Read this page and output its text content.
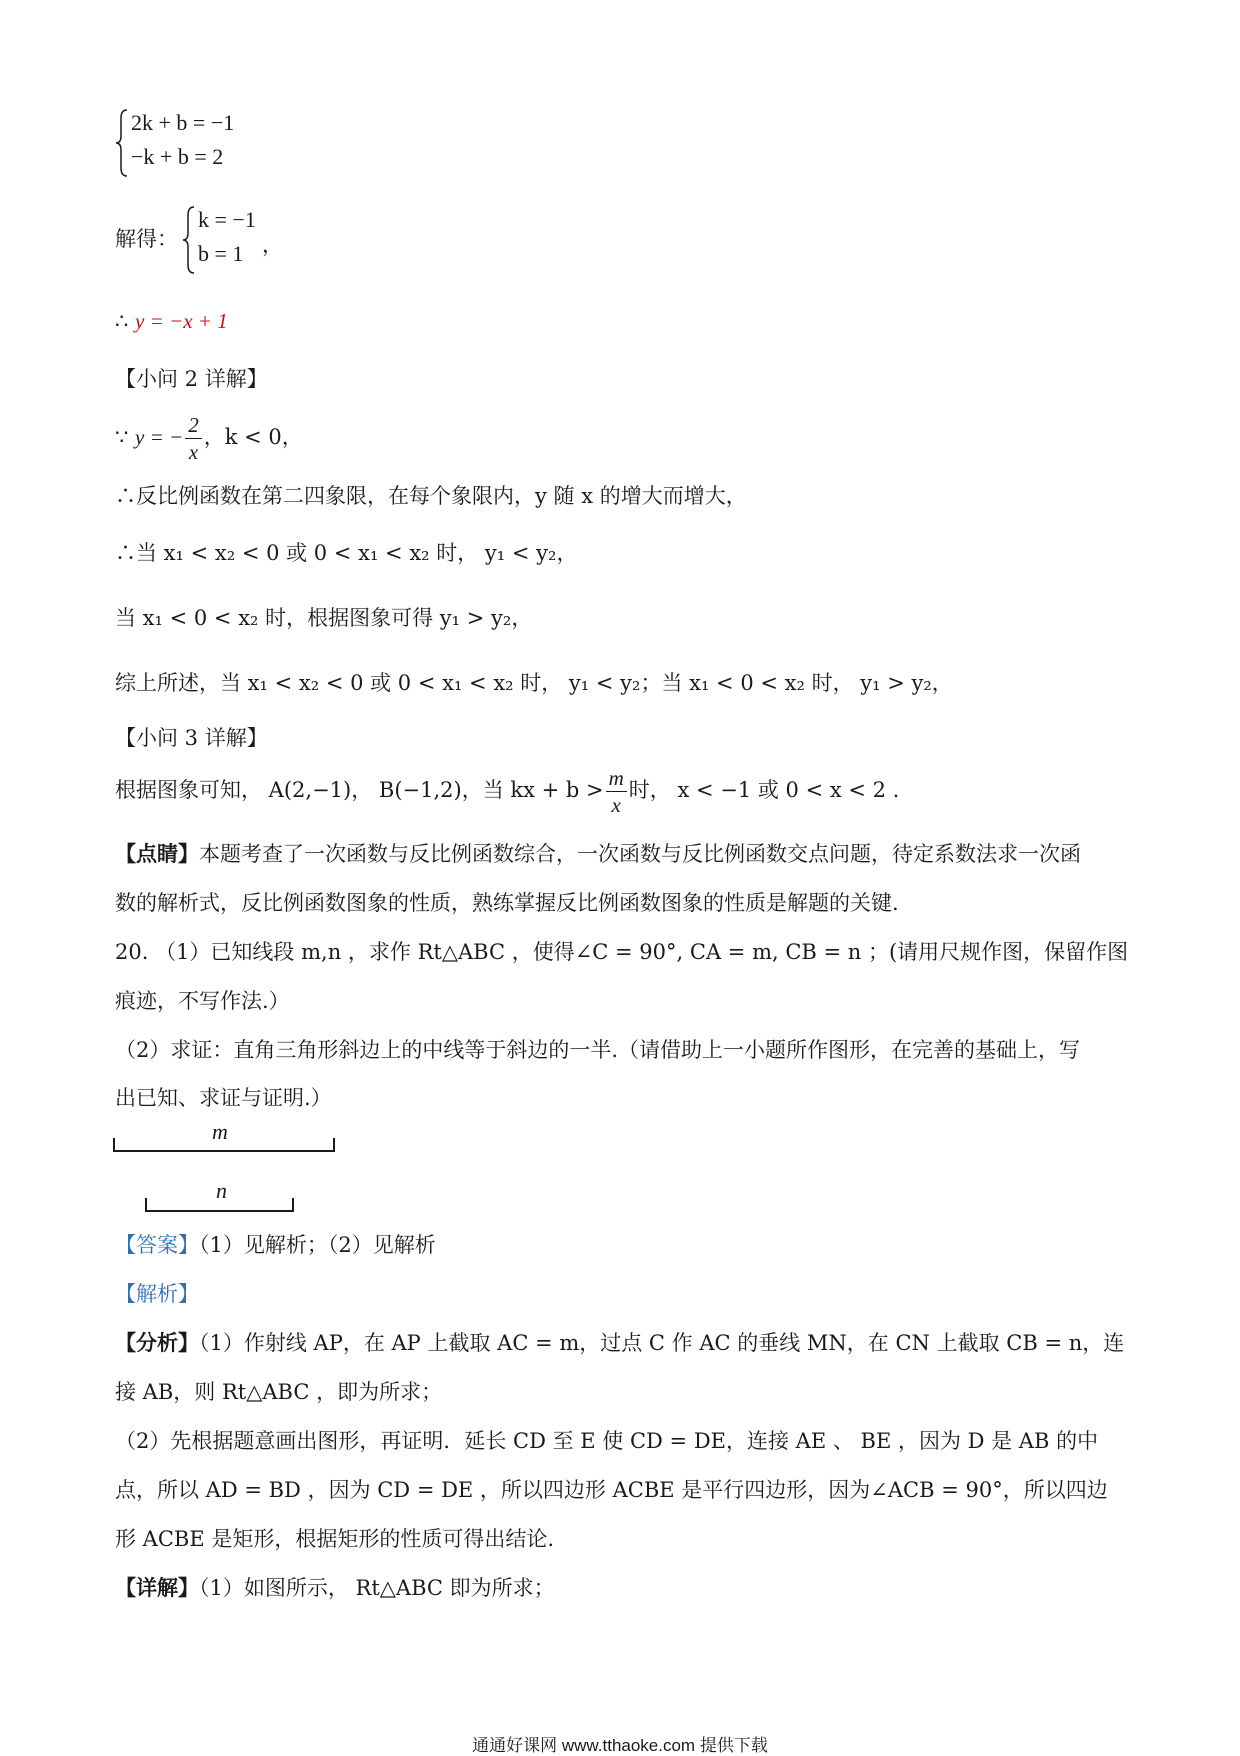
2k + b = −1
−k + b = 2
解得：
k = −1
b = 1 ，
∴ y = −x + 1
【小问 2 详解】
∵ y = − $\frac{2}{x}$ ，k < 0，
∴反比例函数在第二四象限，在每个象限内，y 随 x 的增大而增大，
∴当 x₁ < x₂ < 0 或 0 < x₁ < x₂ 时， y₁ < y₂，
当 x₁ < 0 < x₂ 时，根据图象可得 y₁ > y₂，
综上所述，当 x₁ < x₂ < 0 或 0 < x₁ < x₂ 时， y₁ < y₂；当 x₁ < 0 < x₂ 时， y₁ > y₂，
【小问 3 详解】
根据图象可知， A(2,−1)， B(−1,2)，当 kx + $b > \frac{m}{x}$ 时， x < −1 或 0 < x < 2 .
【点睛】本题考查了一次函数与反比例函数综合，一次函数与反比例函数交点问题，待定系数法求一次函
数的解析式，反比例函数图象的性质，熟练掌握反比例函数图象的性质是解题的关键.
20. （1）已知线段 m,n ，求作 Rt△ABC ，使得∠C = 90°, CA = m, CB = n ；(请用尺规作图，保留作图
痕迹，不写作法.）
（2）求证：直角三角形斜边上的中线等于斜边的一半.（请借助上一小题所作图形，在完善的基础上，写
出已知、求证与证明.）
m
n
【答案】（1）见解析；（2）见解析
【解析】
【分析】（1）作射线 AP，在 AP 上截取 AC = m，过点 C 作 AC 的垂线 MN，在 CN 上截取 CB = n，连
接 AB，则 Rt△ABC ，即为所求；
（2）先根据题意画出图形，再证明．延长 CD 至 E 使 CD = DE，连接 AE 、 BE ，因为 D 是 AB 的中
点，所以 AD = BD ，因为 CD = DE ，所以四边形 ACBE 是平行四边形，因为∠ACB = 90°，所以四边
形 ACBE 是矩形，根据矩形的性质可得出结论.
【详解】（1）如图所示， Rt△ABC 即为所求；
通通好课网 www.tthaoke.com 提供下载
